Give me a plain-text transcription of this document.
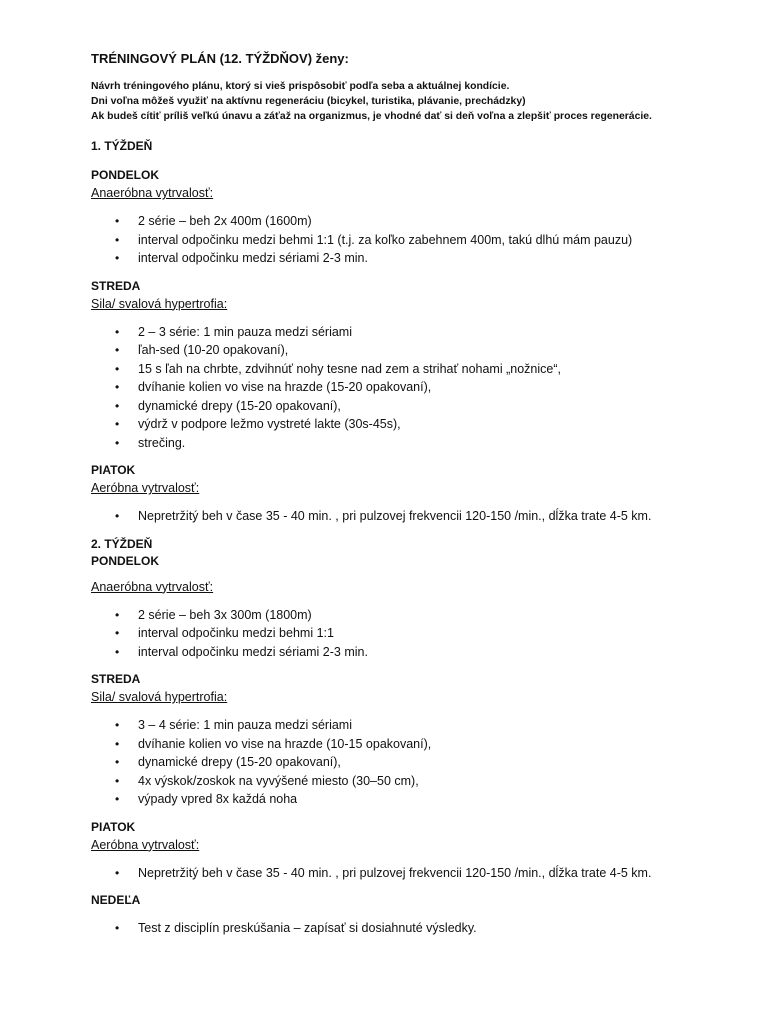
TRÉNINGOVÝ PLÁN (12. TÝŽDŇOV) ženy:
Návrh tréningového plánu, ktorý si vieš prispôsobiť podľa seba a aktuálnej kondície.
Dni voľna môžeš využiť na aktívnu regeneráciu (bicykel, turistika, plávanie, prechádzky)
Ak budeš cítiť príliš veľkú únavu a záťaž na organizmus, je vhodné dať si deň voľna a zlepšiť proces regenerácie.
1. TÝŽDEŇ
PONDELOK
Anaeróbna vytrvalosť:
• 2 série – beh 2x 400m (1600m)
• interval odpočinku medzi behmi 1:1 (t.j. za koľko zabehnem 400m, takú dlhú mám pauzu)
• interval odpočinku medzi sériami 2-3 min.
STREDA
Sila/ svalová hypertrofia:
• 2 – 3 série: 1 min pauza medzi sériami
• ľah-sed (10-20 opakovaní),
• 15 s ľah na chrbte, zdvihnúť nohy tesne nad zem a strihať nohami „nožnice“,
• dvíhanie kolien vo vise na hrazde (15-20 opakovaní),
• dynamické drepy (15-20 opakovaní),
• výdrž v podpore ležmo vystreté lakte (30s-45s),
• strečing.
PIATOK
Aeróbna vytrvalosť:
• Nepretržitý beh v čase 35 - 40 min. , pri pulzovej frekvencii 120-150 /min., dĺžka trate 4-5 km.
2. TÝŽDEŇ
PONDELOK
Anaeróbna vytrvalosť:
• 2 série – beh 3x 300m (1800m)
• interval odpočinku medzi behmi 1:1
• interval odpočinku medzi sériami 2-3 min.
STREDA
Sila/ svalová hypertrofia:
• 3 – 4 série: 1 min pauza medzi sériami
• dvíhanie kolien vo vise na hrazde (10-15 opakovaní),
• dynamické drepy (15-20 opakovaní),
• 4x výskok/zoskok na vyvýšené miesto (30–50 cm),
• výpady vpred 8x každá noha
PIATOK
Aeróbna vytrvalosť:
• Nepretržitý beh v čase 35 - 40 min. , pri pulzovej frekvencii 120-150 /min., dĺžka trate 4-5 km.
NEDEĽA
• Test z disciplín preskúšania – zapísať si dosiahnuté výsledky.
